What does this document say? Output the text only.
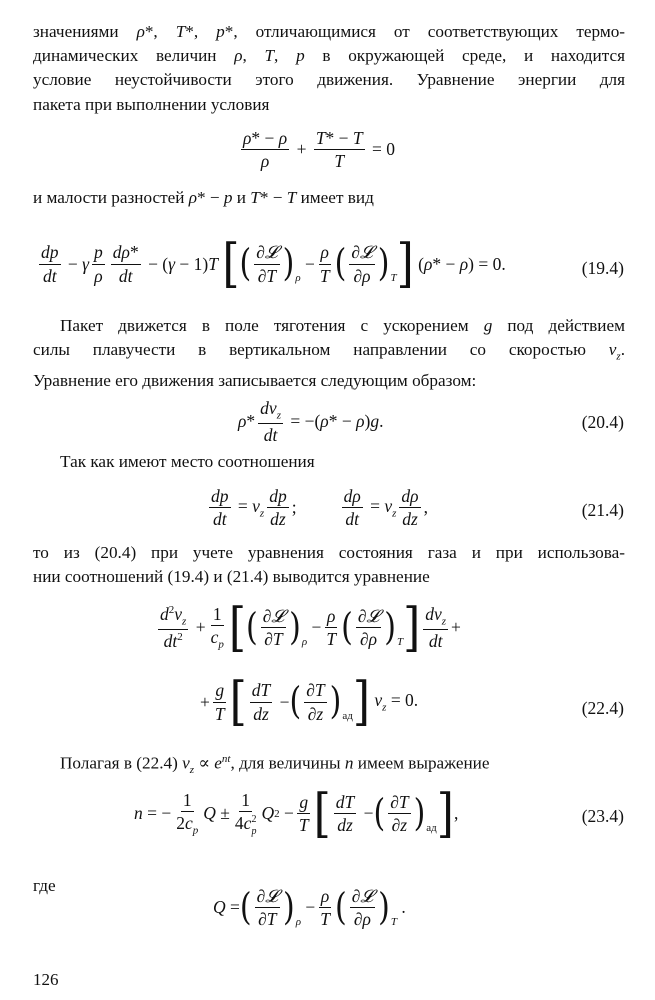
значениями ρ*, T*, p*, отличающимися от соответствующих термо-
динамических величин ρ, T, p в окружающей среде, и находится
условие неустойчивости этого движения. Уравнение энергии для
пакета при выполнении условия
$\frac{\rho* - \rho}{\rho} + \frac{T* - T}{T} = 0$
и малости разностей ρ* − p и T* − T имеет вид
$\frac{dp}{dt} - \gamma \frac{p}{\rho} \frac{d\rho*}{dt} - (\gamma - 1)T$ [ ( $\frac{\text{∂𝓛}}{\partial T}$ ) ρ
− $\frac{\rho}{T}$ ( $\frac{\text{∂𝓛}}{\partial\rho}$ ) T ] (ρ* − ρ) = 0.	(19.4)
Пакет движется в поле тяготения с ускорением g под действием
силы плавучести в вертикальном направлении со скоростью $v_z$.
Уравнение его движения записывается следующим образом:
$\rho * \frac{dv_z}{dt} = -(\rho* - \rho)g$.	(20.4)
Так как имеют место соотношения
$\frac{dp}{dt} = v_z \frac{dp}{dz}$ ;	$\frac{d\rho}{dt} = v_z \frac{d\rho}{dz}$ ,	(21.4)
то из (20.4) при учете уравнения состояния газа и при использова-
нии соотношений (19.4) и (21.4) выводится уравнение
$\frac{d^2v_z}{dt^2} + \frac{1}{c_p}$ [ ( $\frac{\text{∂𝓛}}{\partial T}$ ) ρ
− $\frac{\rho}{T}$ ( $\frac{\text{∂𝓛}}{\partial\rho}$ ) T ] $\frac{dv_z}{dt}$ +
+ $\frac{g}{T}$ [ $\frac{dT}{dz}$ − ( $\frac{\partial T}{\partial z}$ ) ад ] $v_z = 0$.	(22.4)
Полагая в (22.4) $v_z \propto e^{nt}$, для величины n имеем выражение
n = − $\frac{1}{2c_p}$ $Q \pm \frac{1}{4c^2_p}$ Q $2 - \frac{g}{T}$ [ $\frac{dT}{dz}$ − ( $\frac{\partial T}{\partial z}$ ) ад ] ,	(23.4)
где
Q = ( $\frac{\text{∂𝓛}}{\partial T}$ ) ρ
− $\frac{\rho}{T}$ ( $\frac{\text{∂𝓛}}{\partial\rho}$ ) T
.
126
